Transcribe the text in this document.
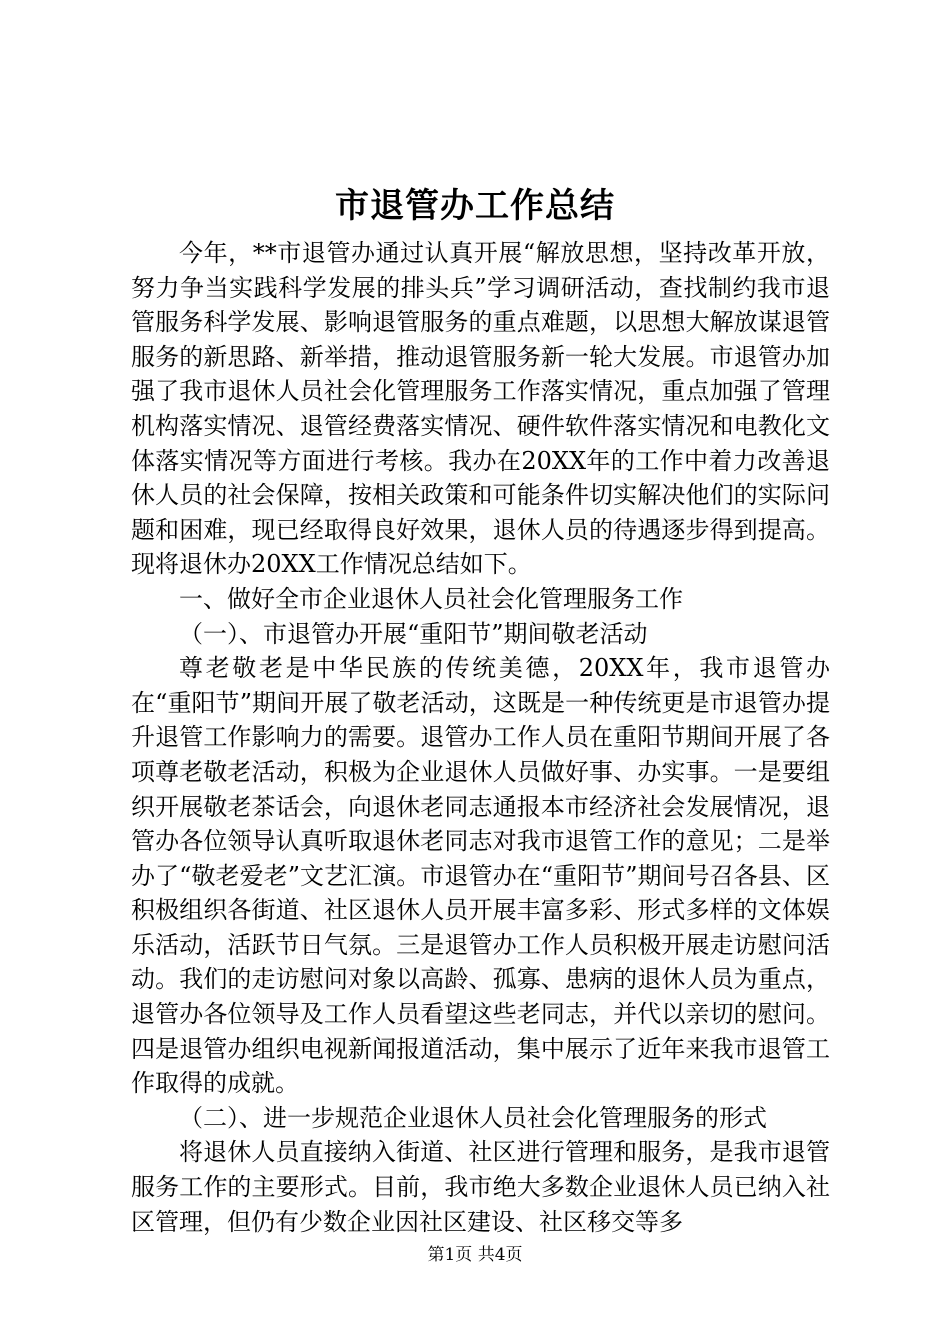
市退管办工作总结

今年，**市退管办通过认真开展“解放思想，坚持改革开放，努力争当实践科学发展的排头兵”学习调研活动，查找制约我市退管服务科学发展、影响退管服务的重点难题，以思想大解放谋退管服务的新思路、新举措，推动退管服务新一轮大发展。市退管办加强了我市退休人员社会化管理服务工作落实情况，重点加强了管理机构落实情况、退管经费落实情况、硬件软件落实情况和电教化文体落实情况等方面进行考核。我办在20XX年的工作中着力改善退休人员的社会保障，按相关政策和可能条件切实解决他们的实际问题和困难，现已经取得良好效果，退休人员的待遇逐步得到提高。现将退休办20XX工作情况总结如下。

一、做好全市企业退休人员社会化管理服务工作

（一）、市退管办开展“重阳节”期间敬老活动

尊老敬老是中华民族的传统美德，20XX年，我市退管办在“重阳节”期间开展了敬老活动，这既是一种传统更是市退管办提升退管工作影响力的需要。退管办工作人员在重阳节期间开展了各项尊老敬老活动，积极为企业退休人员做好事、办实事。一是要组织开展敬老茶话会，向退休老同志通报本市经济社会发展情况，退管办各位领导认真听取退休老同志对我市退管工作的意见；二是举办了“敬老爱老”文艺汇演。市退管办在“重阳节”期间号召各县、区积极组织各街道、社区退休人员开展丰富多彩、形式多样的文体娱乐活动，活跃节日气氛。三是退管办工作人员积极开展走访慰问活动。我们的走访慰问对象以高龄、孤寡、患病的退休人员为重点，退管办各位领导及工作人员看望这些老同志，并代以亲切的慰问。四是退管办组织电视新闻报道活动，集中展示了近年来我市退管工作取得的成就。

（二）、进一步规范企业退休人员社会化管理服务的形式

将退休人员直接纳入街道、社区进行管理和服务，是我市退管服务工作的主要形式。目前，我市绝大多数企业退休人员已纳入社区管理，但仍有少数企业因社区建设、社区移交等多

第1页 共4页
